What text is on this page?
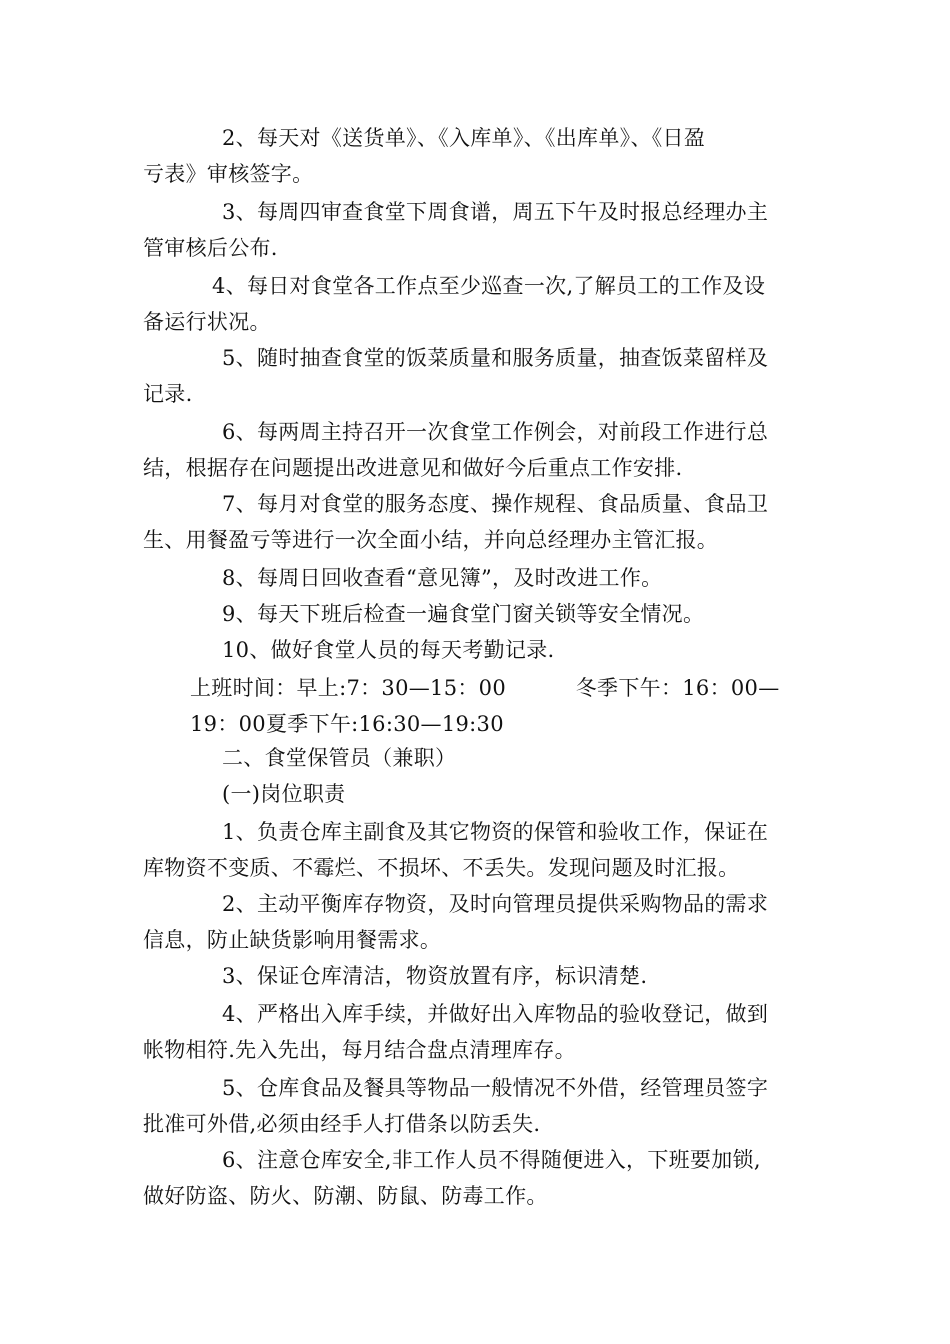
2、每天对《送货单》、《入库单》、《出库单》、《日盈
亏表》审核签字。
3、每周四审查食堂下周食谱，周五下午及时报总经理办主
管审核后公布.
4、每日对食堂各工作点至少巡查一次,了解员工的工作及设
备运行状况。
5、随时抽查食堂的饭菜质量和服务质量，抽查饭菜留样及
记录.
6、每两周主持召开一次食堂工作例会，对前段工作进行总
结，根据存在问题提出改进意见和做好今后重点工作安排.
7、每月对食堂的服务态度、操作规程、食品质量、食品卫
生、用餐盈亏等进行一次全面小结，并向总经理办主管汇报。
8、每周日回收查看“意见簿”，及时改进工作。
9、每天下班后检查一遍食堂门窗关锁等安全情况。
10、做好食堂人员的每天考勤记录.
上班时间：早上:7：30—15：00          冬季下午：16：00—
19：00夏季下午:16:30—19:30
二、食堂保管员（兼职）
(一)岗位职责
1、负责仓库主副食及其它物资的保管和验收工作，保证在
库物资不变质、不霉烂、不损坏、不丢失。发现问题及时汇报。
2、主动平衡库存物资，及时向管理员提供采购物品的需求
信息，防止缺货影响用餐需求。
3、保证仓库清洁，物资放置有序，标识清楚.
4、严格出入库手续，并做好出入库物品的验收登记，做到
帐物相符.先入先出，每月结合盘点清理库存。
5、仓库食品及餐具等物品一般情况不外借，经管理员签字
批准可外借,必须由经手人打借条以防丢失.
6、注意仓库安全,非工作人员不得随便进入，下班要加锁,
做好防盗、防火、防潮、防鼠、防毒工作。
